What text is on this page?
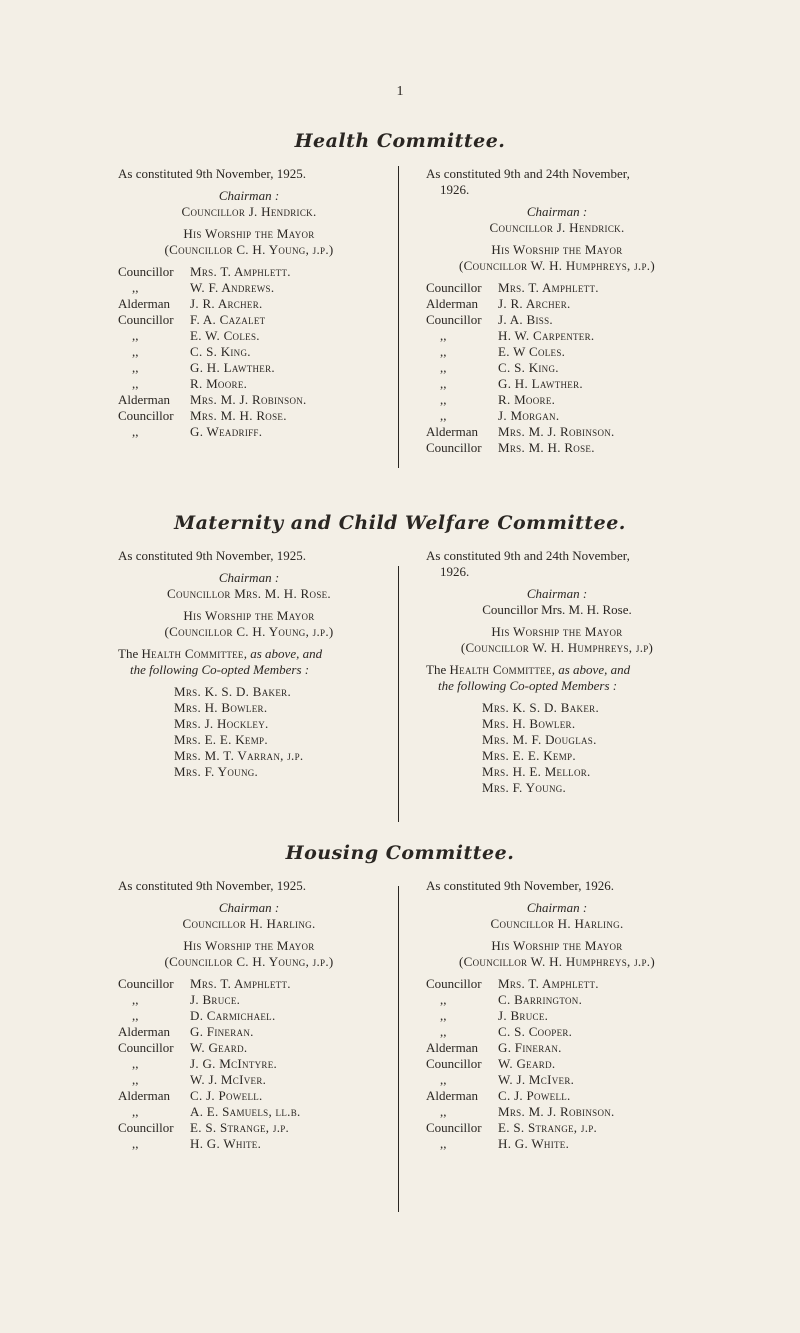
1
Health Committee.
As constituted 9th November, 1925.
Chairman :
Councillor J. Hendrick.
His Worship the Mayor
(Councillor C. H. Young, j.p.)
Councillor	Mrs. T. Amphlett.
,,	W. F. Andrews.
Alderman	J. R. Archer.
Councillor	F. A. Cazalet
,,	E. W. Coles.
,,	C. S. King.
,,	G. H. Lawther.
,,	R. Moore.
Alderman	Mrs. M. J. Robinson.
Councillor	Mrs. M. H. Rose.
,,	G. Weadriff.
As constituted 9th and 24th November,
1926.
Chairman :
Councillor J. Hendrick.
His Worship the Mayor
(Councillor W. H. Humphreys, j.p.)
Councillor	Mrs. T. Amphlett.
Alderman	J. R. Archer.
Councillor	J. A. Biss.
,,	H. W. Carpenter.
,,	E. W Coles.
,,	C. S. King.
,,	G. H. Lawther.
,,	R. Moore.
,,	J. Morgan.
Alderman	Mrs. M. J. Robinson.
Councillor	Mrs. M. H. Rose.
Maternity and Child Welfare Committee.
As constituted 9th November, 1925.
Chairman :
Councillor Mrs. M. H. Rose.
His Worship the Mayor
(Councillor C. H. Young, j.p.)
The Health Committee, as above, and
the following Co-opted Members :
Mrs. K. S. D. Baker.
Mrs. H. Bowler.
Mrs. J. Hockley.
Mrs. E. E. Kemp.
Mrs. M. T. Varran, j.p.
Mrs. F. Young.
As constituted 9th and 24th November,
1926.
Chairman :
Councillor Mrs. M. H. Rose.
His Worship the Mayor
(Councillor W. H. Humphreys, j.p)
The Health Committee, as above, and
the following Co-opted Members :
Mrs. K. S. D. Baker.
Mrs. H. Bowler.
Mrs. M. F. Douglas.
Mrs. E. E. Kemp.
Mrs. H. E. Mellor.
Mrs. F. Young.
Housing Committee.
As constituted 9th November, 1925.
Chairman :
Councillor H. Harling.
His Worship the Mayor
(Councillor C. H. Young, j.p.)
Councillor	Mrs. T. Amphlett.
,,	J. Bruce.
,,	D. Carmichael.
Alderman	G. Fineran.
Councillor	W. Geard.
,,	J. G. McIntyre.
,,	W. J. McIver.
Alderman	C. J. Powell.
,,	A. E. Samuels, ll.b.
Councillor	E. S. Strange, j.p.
,,	H. G. White.
As constituted 9th November, 1926.
Chairman :
Councillor H. Harling.
His Worship the Mayor
(Councillor W. H. Humphreys, j.p.)
Councillor	Mrs. T. Amphlett.
,,	C. Barrington.
,,	J. Bruce.
,,	C. S. Cooper.
Alderman	G. Fineran.
Councillor	W. Geard.
,,	W. J. McIver.
Alderman	C. J. Powell.
,,	Mrs. M. J. Robinson.
Councillor	E. S. Strange, j.p.
,,	H. G. White.
